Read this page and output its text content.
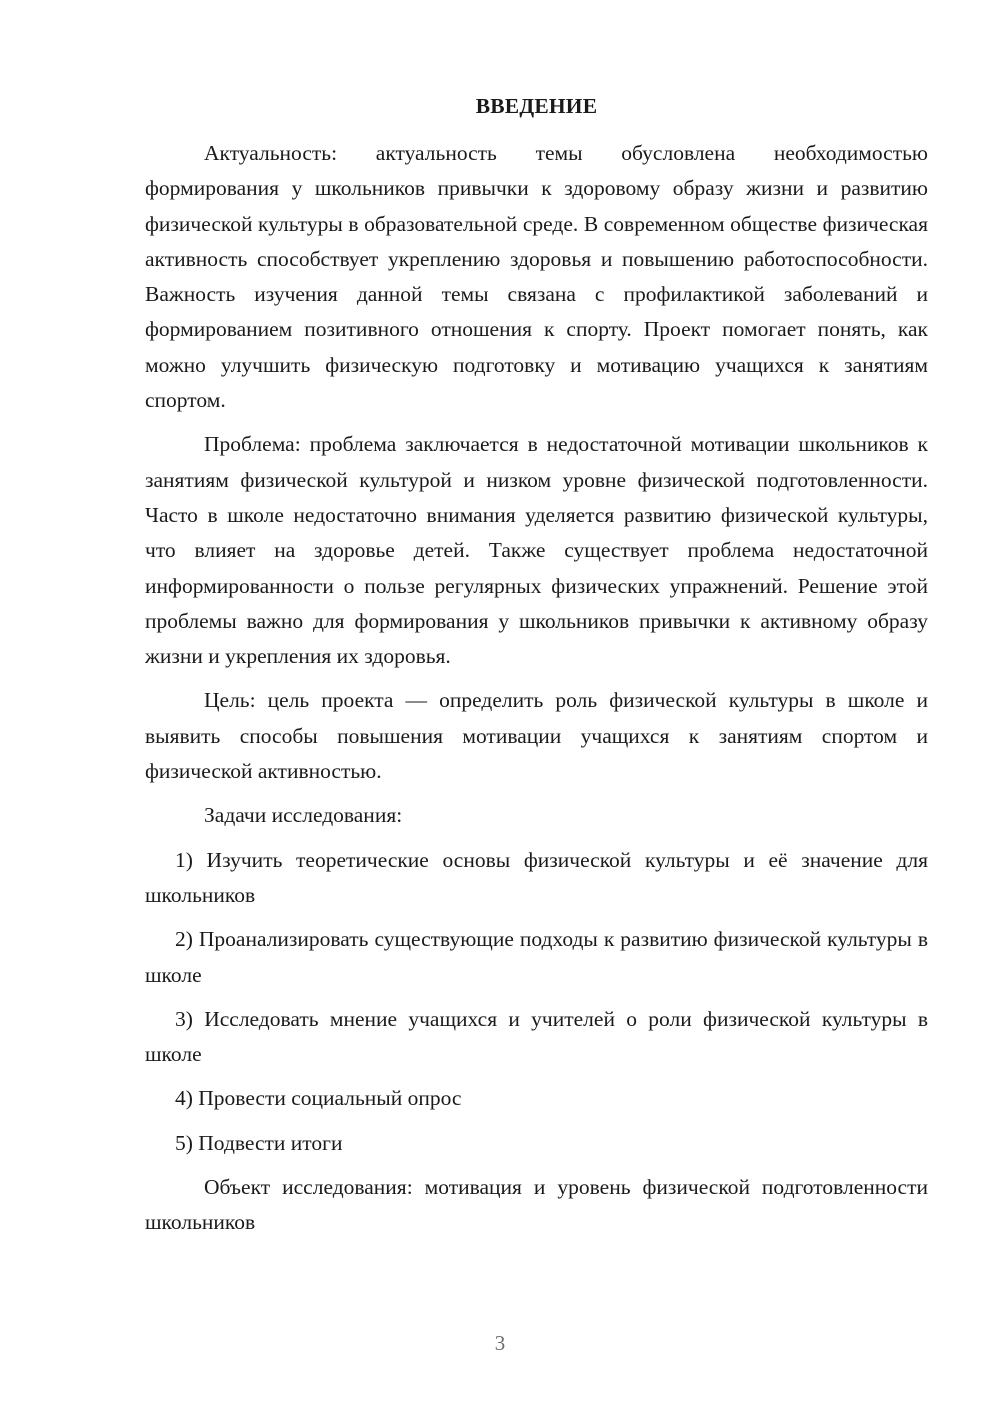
ВВЕДЕНИЕ

Актуальность: актуальность темы обусловлена необходимостью формирования у школьников привычки к здоровому образу жизни и развитию физической культуры в образовательной среде. В современном обществе физическая активность способствует укреплению здоровья и повышению работоспособности. Важность изучения данной темы связана с профилактикой заболеваний и формированием позитивного отношения к спорту. Проект помогает понять, как можно улучшить физическую подготовку и мотивацию учащихся к занятиям спортом.

Проблема: проблема заключается в недостаточной мотивации школьников к занятиям физической культурой и низком уровне физической подготовленности. Часто в школе недостаточно внимания уделяется развитию физической культуры, что влияет на здоровье детей. Также существует проблема недостаточной информированности о пользе регулярных физических упражнений. Решение этой проблемы важно для формирования у школьников привычки к активному образу жизни и укрепления их здоровья.

Цель: цель проекта — определить роль физической культуры в школе и выявить способы повышения мотивации учащихся к занятиям спортом и физической активностью.

Задачи исследования:

1) Изучить теоретические основы физической культуры и её значение для школьников

2) Проанализировать существующие подходы к развитию физической культуры в школе

3) Исследовать мнение учащихся и учителей о роли физической культуры в школе

4) Провести социальный опрос

5) Подвести итоги

Объект исследования: мотивация и уровень физической подготовленности школьников

3
